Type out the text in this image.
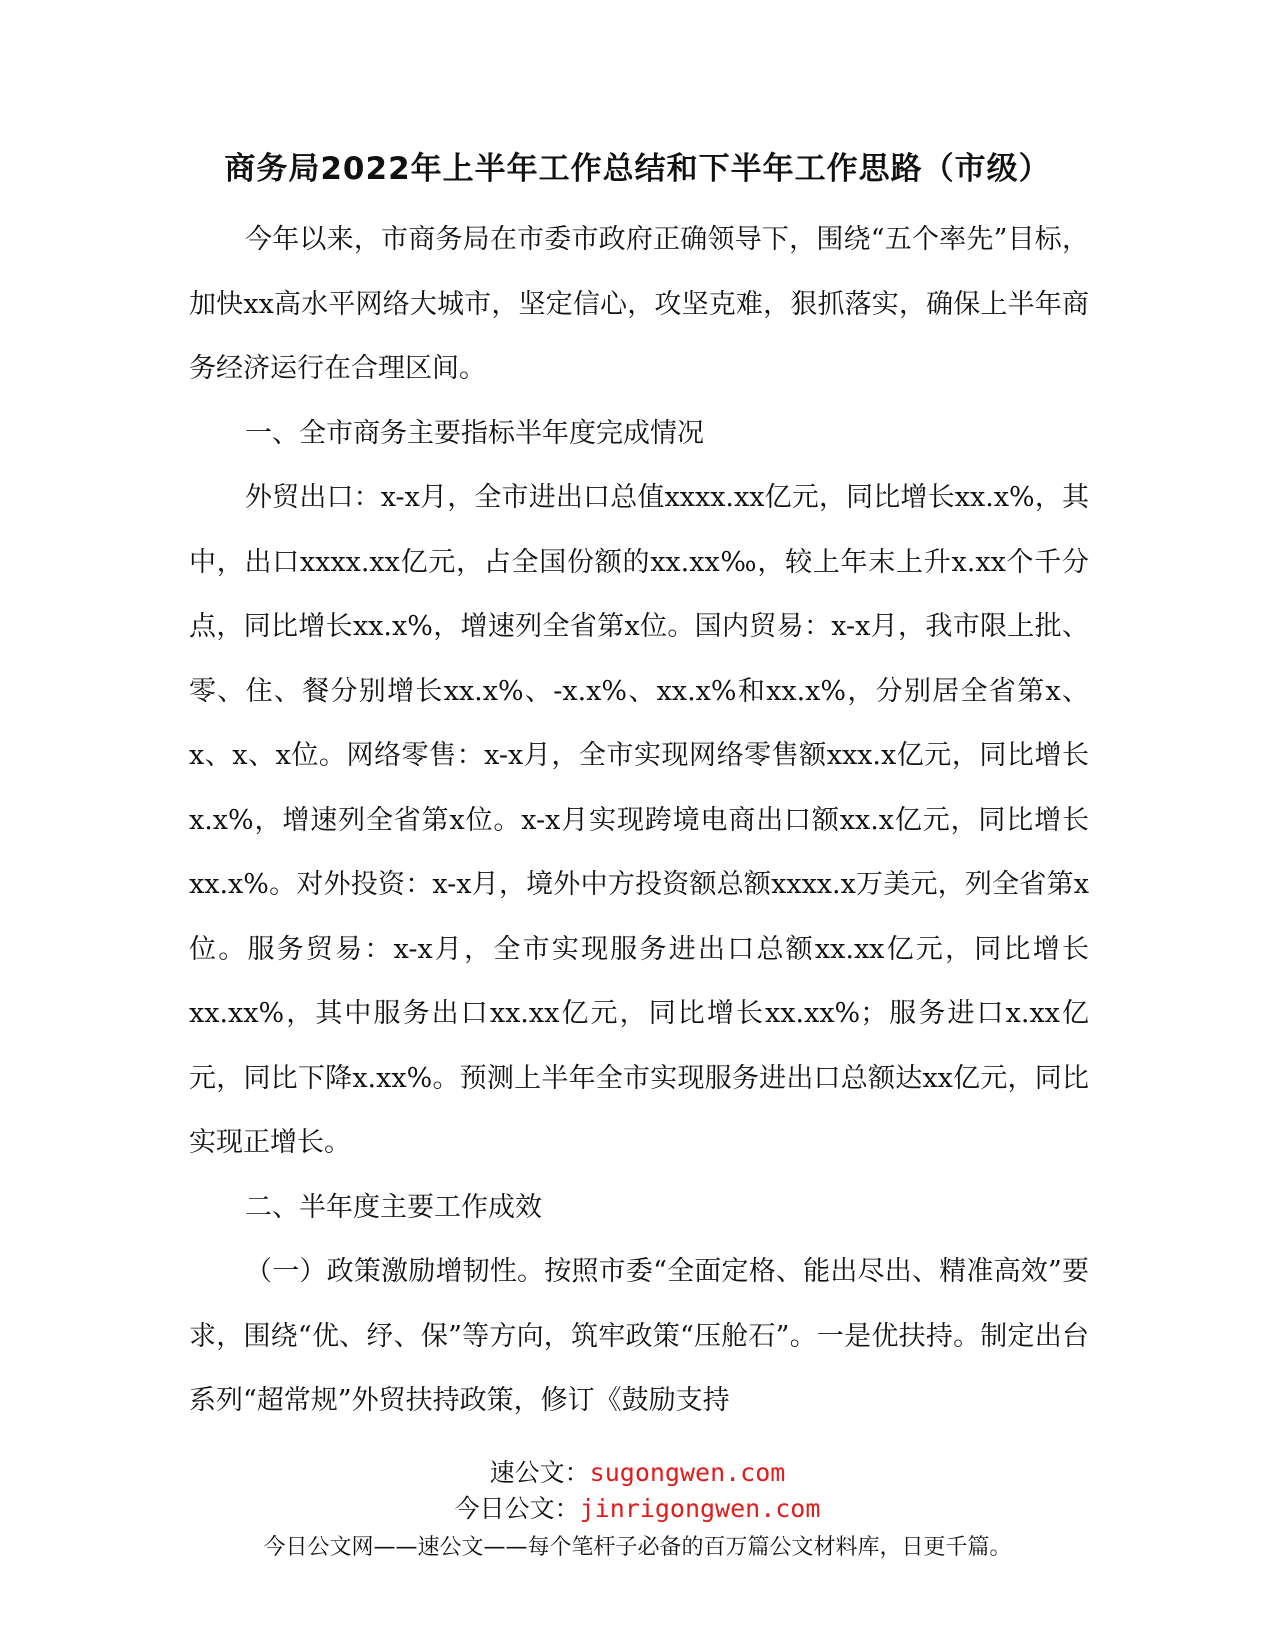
商务局2022年上半年工作总结和下半年工作思路（市级）

今年以来，市商务局在市委市政府正确领导下，围绕“五个率先”目标，加快xx高水平网络大城市，坚定信心，攻坚克难，狠抓落实，确保上半年商务经济运行在合理区间。

一、全市商务主要指标半年度完成情况

外贸出口：x-x月，全市进出口总值xxxx.xx亿元，同比增长xx.x%，其中，出口xxxx.xx亿元，占全国份额的xx.xx‰，较上年末上升x.xx个千分点，同比增长xx.x%，增速列全省第x位。国内贸易：x-x月，我市限上批、零、住、餐分别增长xx.x%、-x.x%、xx.x%和xx.x%，分别居全省第x、x、x、x位。网络零售：x-x月，全市实现网络零售额xxx.x亿元，同比增长x.x%，增速列全省第x位。x-x月实现跨境电商出口额xx.x亿元，同比增长xx.x%。对外投资：x-x月，境外中方投资额总额xxxx.x万美元，列全省第x位。服务贸易：x-x月，全市实现服务进出口总额xx.xx亿元，同比增长xx.xx%，其中服务出口xx.xx亿元，同比增长xx.xx%；服务进口x.xx亿元，同比下降x.xx%。预测上半年全市实现服务进出口总额达xx亿元，同比实现正增长。

二、半年度主要工作成效

（一）政策激励增韧性。按照市委“全面定格、能出尽出、精准高效”要求，围绕“优、纾、保”等方向，筑牢政策“压舱石”。一是优扶持。制定出台系列“超常规”外贸扶持政策，修订《鼓励支持

速公文：sugongwen.com
今日公文：jinrigongwen.com
今日公文网——速公文——每个笔杆子必备的百万篇公文材料库，日更千篇。
